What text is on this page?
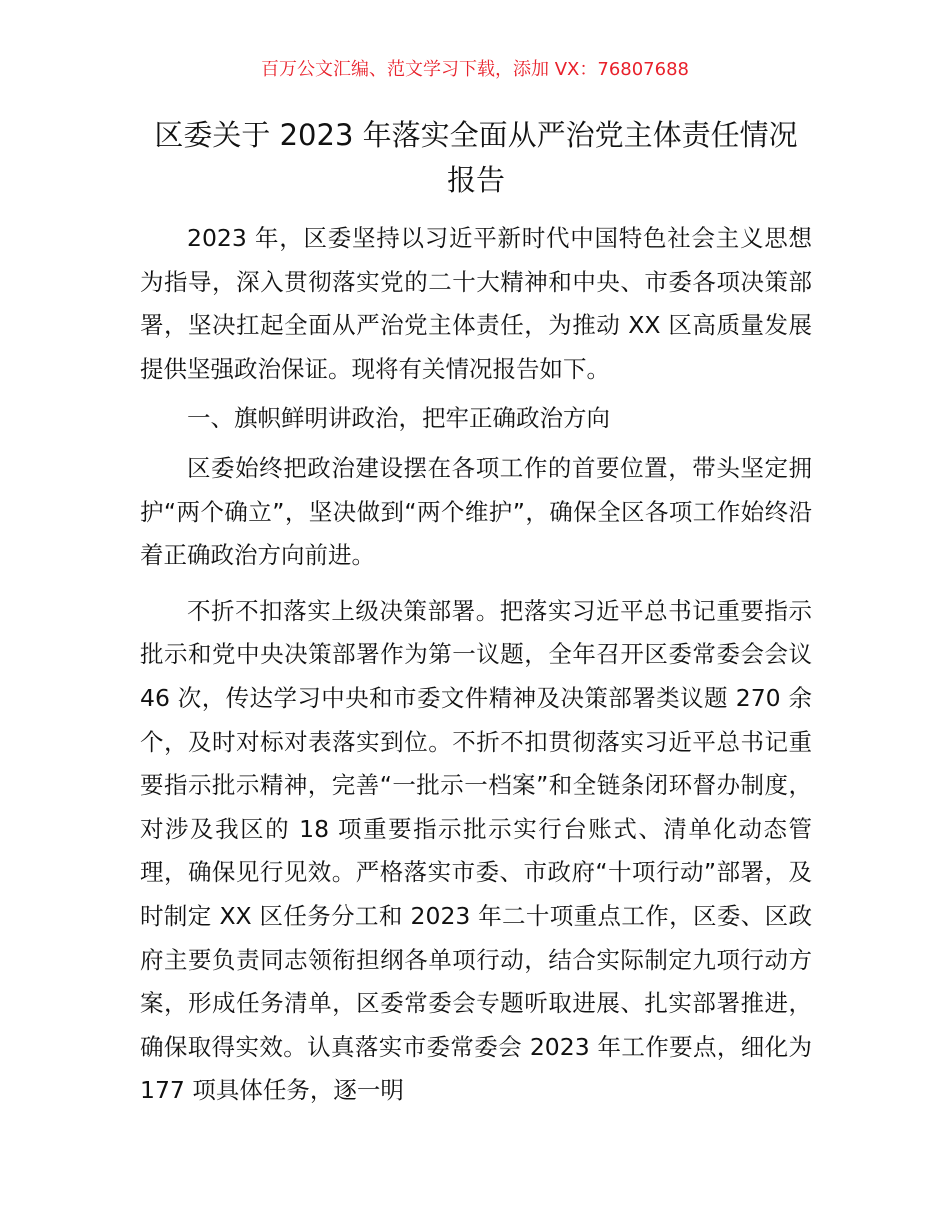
百万公文汇编、范文学习下载，添加 VX：76807688
区委关于 2023 年落实全面从严治党主体责任情况报告

2023 年，区委坚持以习近平新时代中国特色社会主义思想为指导，深入贯彻落实党的二十大精神和中央、市委各项决策部署，坚决扛起全面从严治党主体责任，为推动 XX 区高质量发展提供坚强政治保证。现将有关情况报告如下。

一、旗帜鲜明讲政治，把牢正确政治方向

区委始终把政治建设摆在各项工作的首要位置，带头坚定拥护“两个确立”，坚决做到“两个维护”，确保全区各项工作始终沿着正确政治方向前进。

不折不扣落实上级决策部署。把落实习近平总书记重要指示批示和党中央决策部署作为第一议题，全年召开区委常委会会议 46 次，传达学习中央和市委文件精神及决策部署类议题 270 余个，及时对标对表落实到位。不折不扣贯彻落实习近平总书记重要指示批示精神，完善“一批示一档案”和全链条闭环督办制度，对涉及我区的 18 项重要指示批示实行台账式、清单化动态管理，确保见行见效。严格落实市委、市政府“十项行动”部署，及时制定 XX 区任务分工和 2023 年二十项重点工作，区委、区政府主要负责同志领衔担纲各单项行动，结合实际制定九项行动方案，形成任务清单，区委常委会专题听取进展、扎实部署推进，确保取得实效。认真落实市委常委会 2023 年工作要点，细化为 177 项具体任务，逐一明
